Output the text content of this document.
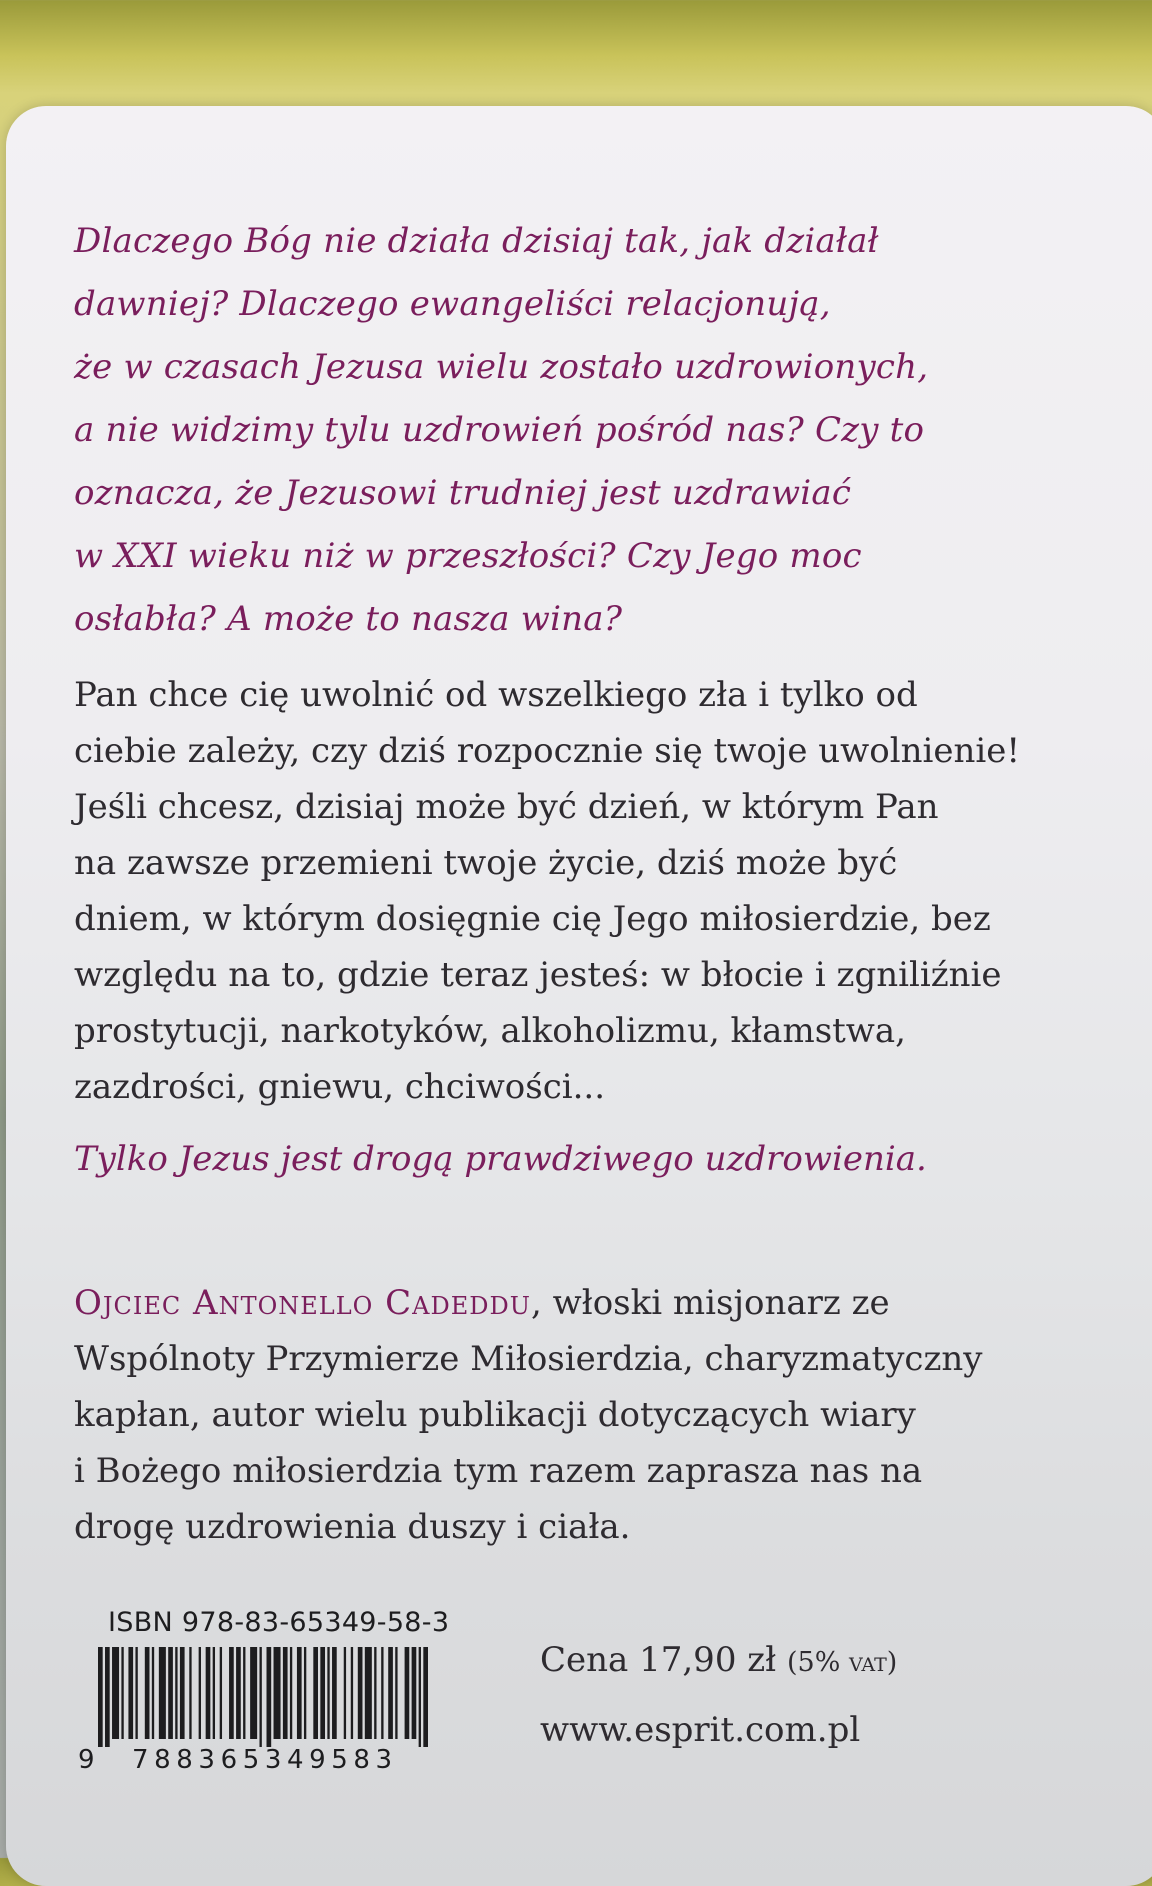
Dlaczego Bóg nie działa dzisiaj tak, jak działał
dawniej? Dlaczego ewangeliści relacjonują,
że w czasach Jezusa wielu zostało uzdrowionych,
a nie widzimy tylu uzdrowień pośród nas? Czy to
oznacza, że Jezusowi trudniej jest uzdrawiać
w XXI wieku niż w przeszłości? Czy Jego moc
osłabła? A może to nasza wina?

Pan chce cię uwolnić od wszelkiego zła i tylko od
ciebie zależy, czy dziś rozpocznie się twoje uwolnienie!
Jeśli chcesz, dzisiaj może być dzień, w którym Pan
na zawsze przemieni twoje życie, dziś może być
dniem, w którym dosięgnie cię Jego miłosierdzie, bez
względu na to, gdzie teraz jesteś: w błocie i zgniliźnie
prostytucji, narkotyków, alkoholizmu, kłamstwa,
zazdrości, gniewu, chciwości...
Tylko Jezus jest drogą prawdziwego uzdrowienia.
Ojciec Antonello Cadeddu, włoski misjonarz ze
Wspólnoty Przymierze Miłosierdzia, charyzmatyczny
kapłan, autor wielu publikacji dotyczących wiary
i Bożego miłosierdzia tym razem zaprasza nas na
drogę uzdrowienia duszy i ciała.
ISBN 978-83-65349-58-3
9 788365349583
Cena 17,90 zł (5% vat)
www.esprit.com.pl
